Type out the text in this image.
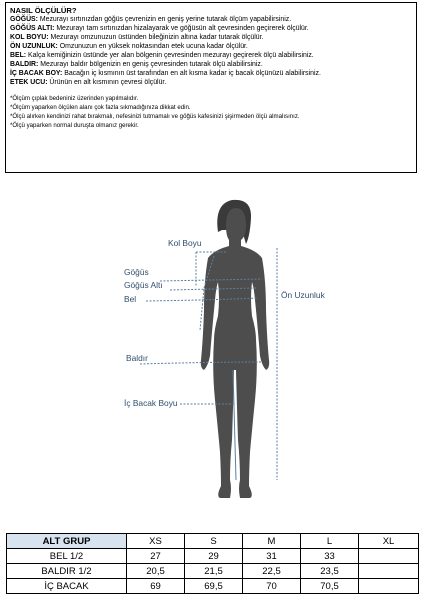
NASIL ÖLÇÜLÜR?
GÖĞÜS: Mezurayı sırtınızdan göğüs çevrenizin en geniş yerine tutarak ölçüm yapabilirsiniz.
GÖĞÜS ALTI: Mezurayı tam sırtınızdan hizalayarak ve göğüsün alt çevresinden geçirerek ölçülür.
KOL BOYU: Mezurayı omzunuzun üstünden bileğinizin altına kadar tutarak ölçülür.
ÖN UZUNLUK: Omzunuzun en yüksek noktasından etek ucuna kadar ölçülür.
BEL: Kalça kemiğinizin üstünde yer alan bölgenin çevresinden mezurayı geçirerek ölçü alabilirsiniz.
BALDIR: Mezurayı baldır bölgenizin en geniş çevresinden tutarak ölçü alabilirsiniz.
İÇ BACAK BOY: Bacağın iç kısmının üst tarafından en alt kısma kadar iç bacak ölçünüzü alabilirsiniz.
ETEK UCU: Ürünün en alt kısmının çevresi ölçülür.
*Ölçüm çıplak bedeniniz üzerinden yapılmalıdır.
*Ölçüm yaparken ölçülen alanı çok fazla sıkmadığınıza dikkat edin.
*Ölçü alırken kendinizi rahat bırakmalı, nefesinizi tutmamalı ve göğüs kafesinizi şişirmeden ölçü almalısınız.
*Ölçü yaparken normal duruşta olmanız gerekir.
Kol Boyu
Göğüs
Göğüs Altı
Bel	Ön Uzunluk
Baldır
İç Bacak Boyu
ALT GRUP	XS	S	M	L	XL
BEL 1/2	27	29	31	33	
BALDIR 1/2	20,5	21,5	22,5	23,5	
İÇ BACAK	69	69,5	70	70,5	
